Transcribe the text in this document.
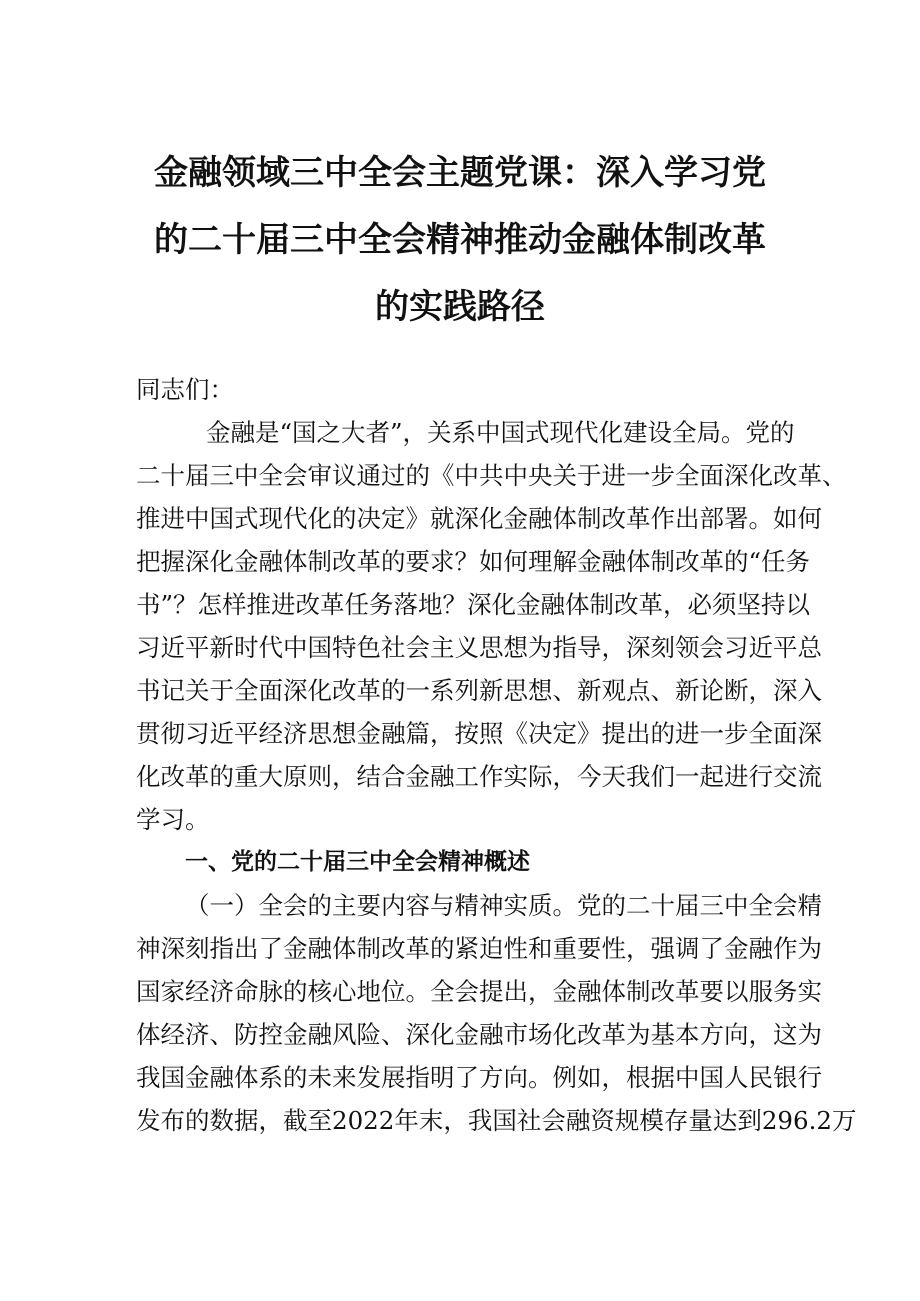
金融领域三中全会主题党课：深入学习党
的二十届三中全会精神推动金融体制改革
的实践路径
同志们：
金融是“国之大者”，关系中国式现代化建设全局。党的
二十届三中全会审议通过的《中共中央关于进一步全面深化改革、
推进中国式现代化的决定》就深化金融体制改革作出部署。如何
把握深化金融体制改革的要求？如何理解金融体制改革的“任务
书”？怎样推进改革任务落地？深化金融体制改革，必须坚持以
习近平新时代中国特色社会主义思想为指导，深刻领会习近平总
书记关于全面深化改革的一系列新思想、新观点、新论断，深入
贯彻习近平经济思想金融篇，按照《决定》提出的进一步全面深
化改革的重大原则，结合金融工作实际，今天我们一起进行交流
学习。
一、党的二十届三中全会精神概述
（一）全会的主要内容与精神实质。党的二十届三中全会精
神深刻指出了金融体制改革的紧迫性和重要性，强调了金融作为
国家经济命脉的核心地位。全会提出，金融体制改革要以服务实
体经济、防控金融风险、深化金融市场化改革为基本方向，这为
我国金融体系的未来发展指明了方向。例如，根据中国人民银行
发布的数据，截至2022年末，我国社会融资规模存量达到296.2万
